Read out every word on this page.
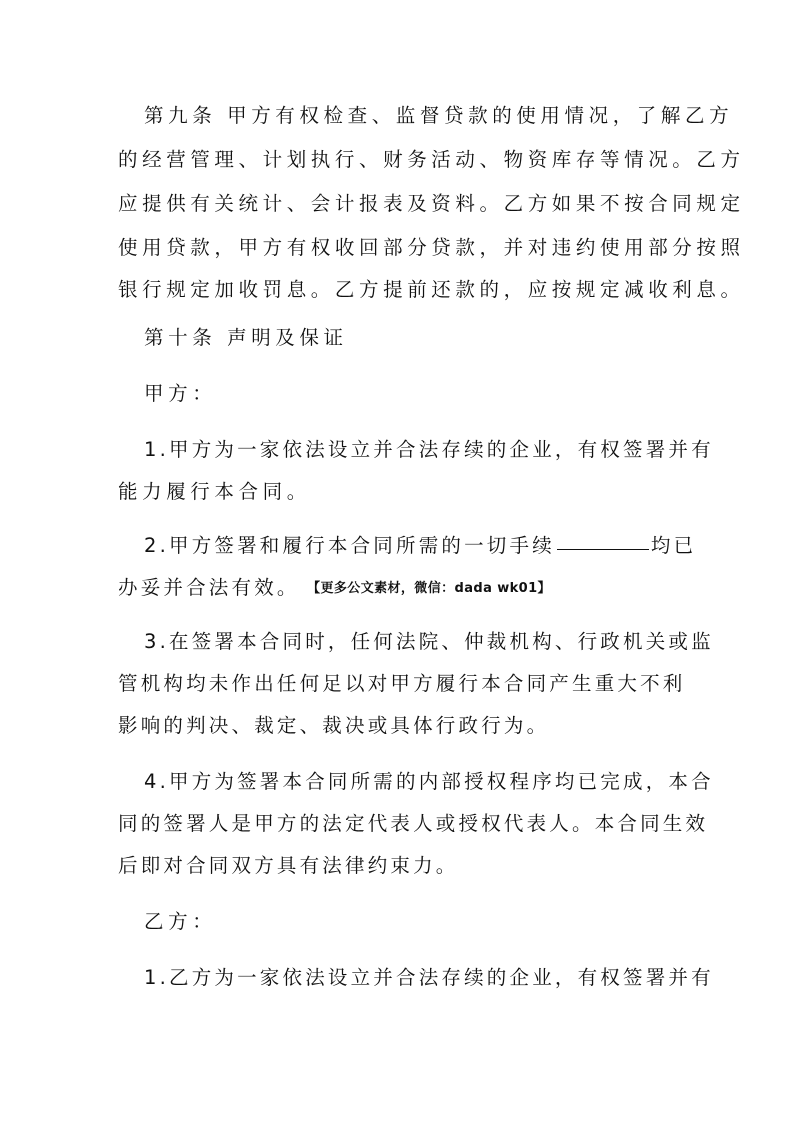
第九条 甲方有权检查、监督贷款的使用情况，了解乙方
的经营管理、计划执行、财务活动、物资库存等情况。乙方
应提供有关统计、会计报表及资料。乙方如果不按合同规定
使用贷款，甲方有权收回部分贷款，并对违约使用部分按照
银行规定加收罚息。乙方提前还款的，应按规定减收利息。
第十条 声明及保证
甲方：
1.甲方为一家依法设立并合法存续的企业，有权签署并有
能力履行本合同。
2.甲方签署和履行本合同所需的一切手续	均已
办妥并合法有效。 【更多公文素材，微信：dada wk01】
3.在签署本合同时，任何法院、仲裁机构、行政机关或监
管机构均未作出任何足以对甲方履行本合同产生重大不利
影响的判决、裁定、裁决或具体行政行为。
4.甲方为签署本合同所需的内部授权程序均已完成，本合
同的签署人是甲方的法定代表人或授权代表人。本合同生效
后即对合同双方具有法律约束力。
乙方：
1.乙方为一家依法设立并合法存续的企业，有权签署并有
